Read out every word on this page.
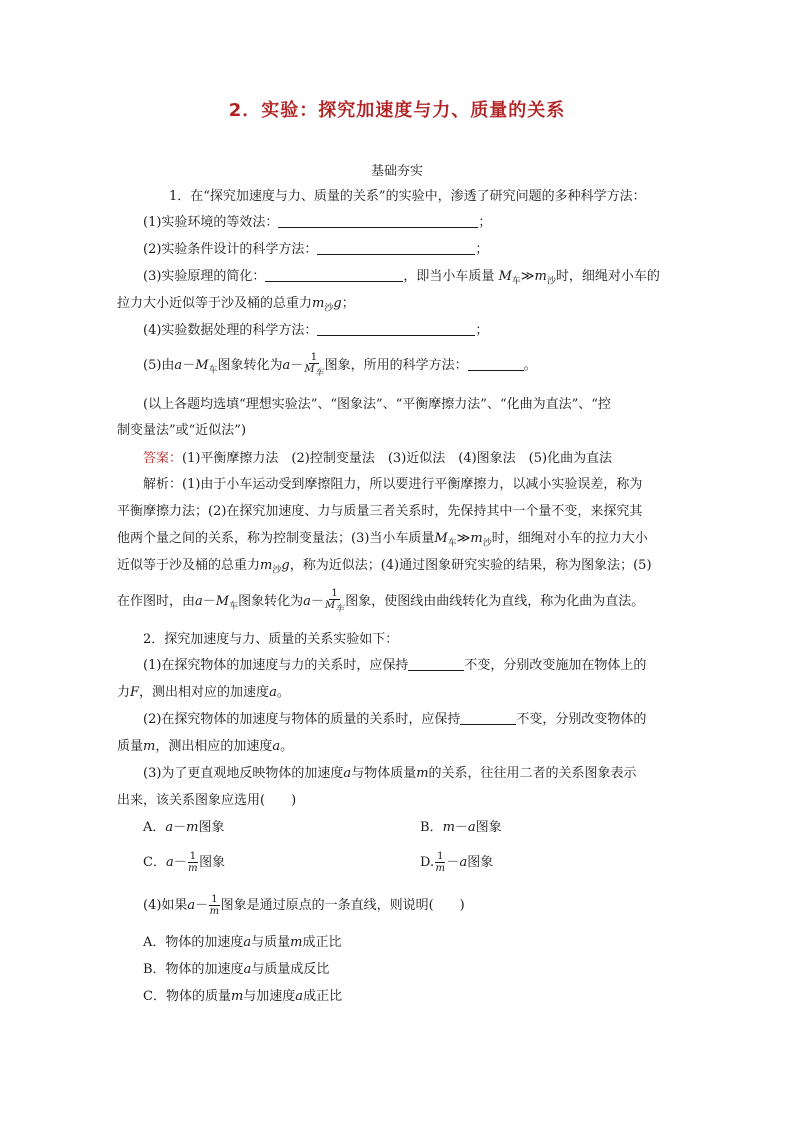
2．实验：探究加速度与力、质量的关系
基础夯实
1．在“探究加速度与力、质量的关系”的实验中，渗透了研究问题的多种科学方法：
(1)实验环境的等效法：	；
(2)实验条件设计的科学方法：	；
(3)实验原理的简化：	，即当小车质量 $M_车≫m_沙$时，细绳对小车的
拉力大小近似等于沙及桶的总重力$m_沙g$；
(4)实验数据处理的科学方法：	；
(5)由$a-M_车$图象转化为$a- \frac{1}{M_车}$ 图象，所用的科学方法：	。
(以上各题均选填“理想实验法”、“图象法”、“平衡摩擦力法”、“化曲为直法”、“控
制变量法”或“近似法”)
答案：(1)平衡摩擦力法　(2)控制变量法　(3)近似法　(4)图象法　(5)化曲为直法
解析：(1)由于小车运动受到摩擦阻力，所以要进行平衡摩擦力，以减小实验误差，称为
平衡摩擦力法；(2)在探究加速度、力与质量三者关系时，先保持其中一个量不变，来探究其
他两个量之间的关系，称为控制变量法；(3)当小车质量$M_车≫m_沙$时，细绳对小车的拉力大小
近似等于沙及桶的总重力$m_沙g$，称为近似法；(4)通过图象研究实验的结果，称为图象法；(5)
在作图时，由$a-M_车$图象转化为$a- \frac{1}{M_车}$ 图象，使图线由曲线转化为直线，称为化曲为直法。
2．探究加速度与力、质量的关系实验如下：
(1)在探究物体的加速度与力的关系时，应保持	不变，分别改变施加在物体上的
力F，测出相对应的加速度a。
(2)在探究物体的加速度与物体的质量的关系时，应保持	不变，分别改变物体的
质量m，测出相应的加速度a。
(3)为了更直观地反映物体的加速度a与物体质量m的关系，往往用二者的关系图象表示
出来，该关系图象应选用(　　)
A．a－m图象	B．m－a图象
C．$a- \frac{1}{m}$ 图象	D. $\frac{1}{m} -a$图象
(4)如果$a- \frac{1}{m}$ 图象是通过原点的一条直线，则说明(　　)
A．物体的加速度a与质量m成正比
B．物体的加速度a与质量成反比
C．物体的质量m与加速度a成正比
